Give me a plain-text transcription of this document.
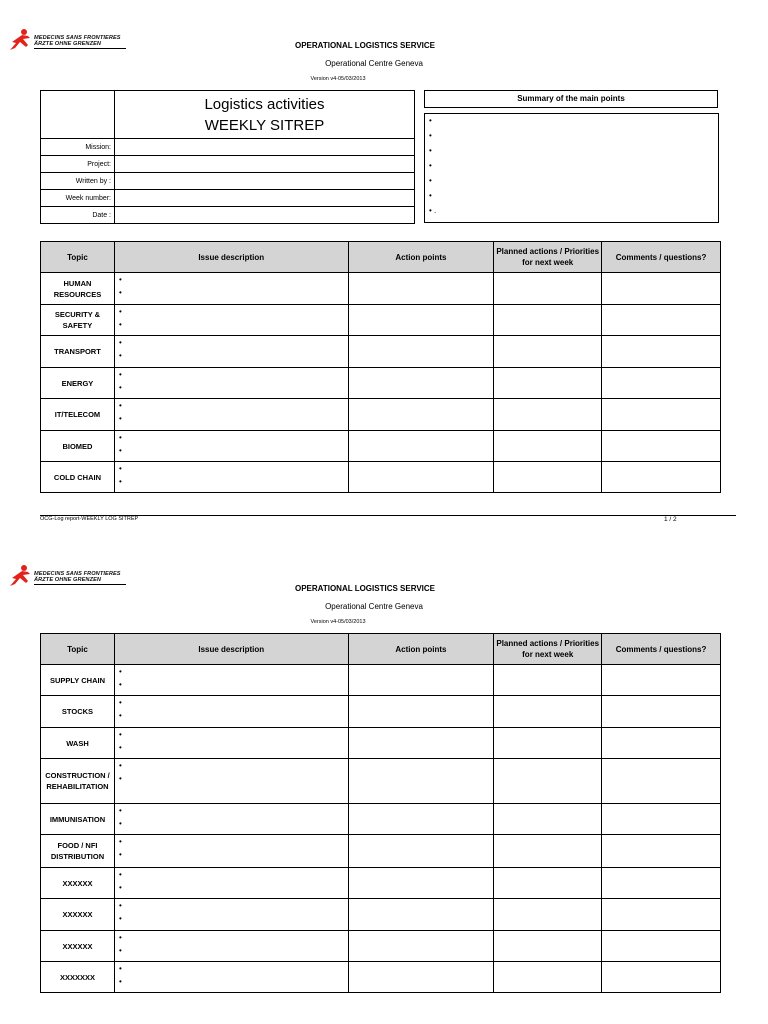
MEDECINS SANS FRONTIERES
ÄRZTE OHNE GRENZEN	OPERATIONAL LOGISTICS SERVICE
Operational Centre Geneva
Version v4-05/03/2013

	Logistics activities
WEEKLY SITREP

Mission:	
Project:	
Written by :	
Week number:	
Date :	
Summary of the main points
•
•
•
•
•
•
• .
Topic	Issue description	Action points	Planned actions / Priorities for next week	Comments / questions?
HUMAN RESOURCES	•
•			

SECURITY & SAFETY	•
•			

TRANSPORT	•
•			

ENERGY	•
•			

IT/TELECOM	•
•			

BIOMED	•
•			

COLD CHAIN	•
•			

OCG-Log report-WEEKLY LOG SITREP	1 / 2
MEDECINS SANS FRONTIERES
ÄRZTE OHNE GRENZEN
OPERATIONAL LOGISTICS SERVICE
Operational Centre Geneva
Version v4-05/03/2013
Topic	Issue description	Action points	Planned actions / Priorities for next week	Comments / questions?
SUPPLY CHAIN	•
•			

STOCKS	•
•			

WASH	•
•			

CONSTRUCTION / REHABILITATION	•
•			

IMMUNISATION	•
•			

FOOD / NFI DISTRIBUTION	•
•			

XXXXXX	•
•			

XXXXXX	•
•			

XXXXXX	•
•			

XXXXXXX	•
•			
